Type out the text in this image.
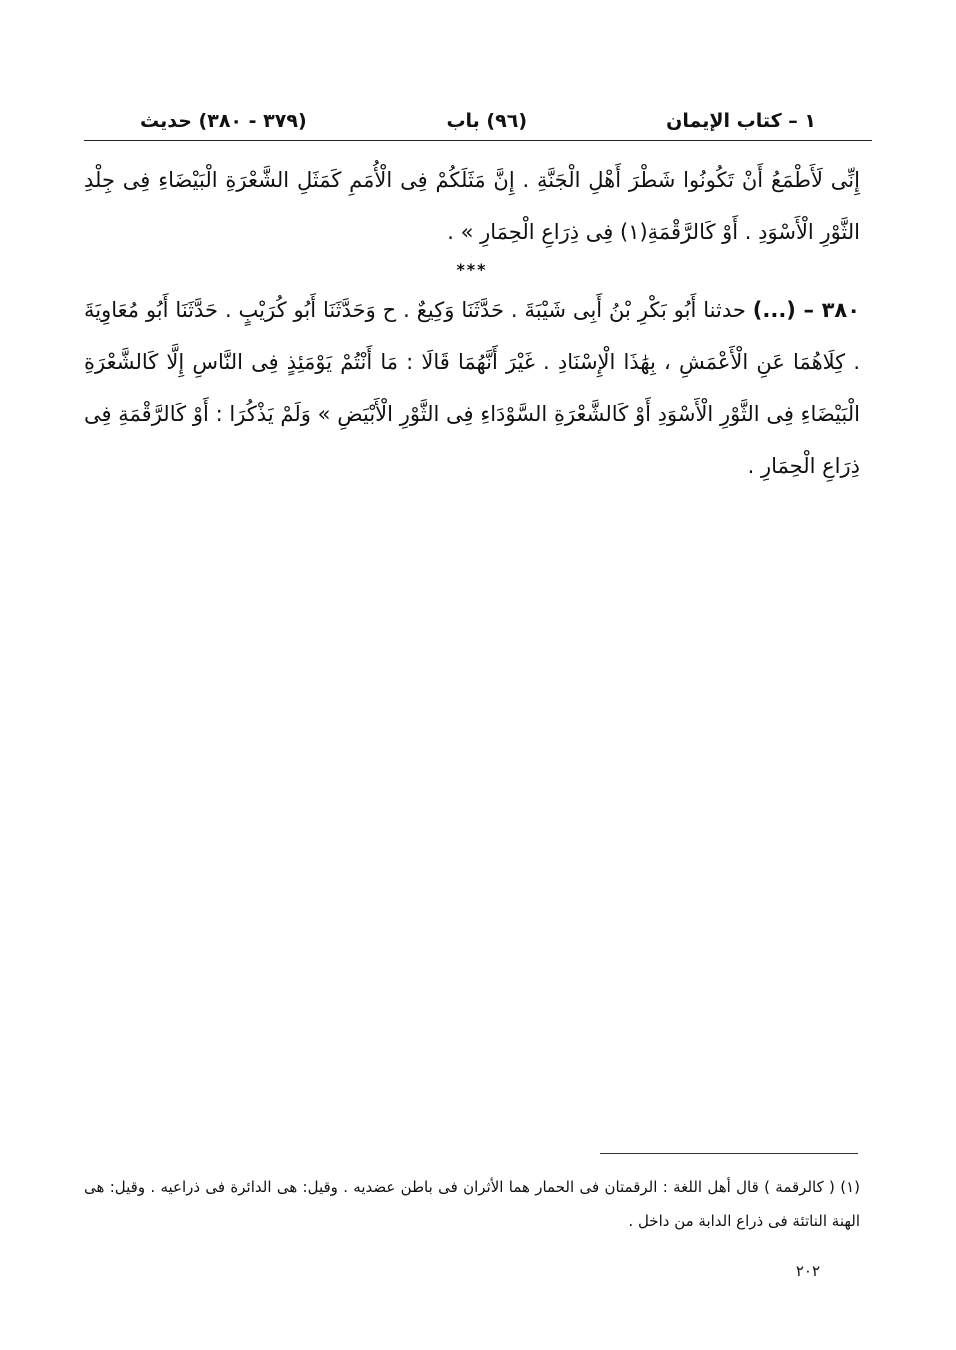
١ – كتاب الإيمان
(٩٦) باب
(٣٧٩ - ٣٨٠) حديث

إِنِّى لَأَطْمَعُ أَنْ تَكُونُوا شَطْرَ أَهْلِ الْجَنَّةِ . إِنَّ مَثَلَكُمْ فِى الْأُمَمِ كَمَثَلِ الشَّعْرَةِ الْبَيْضَاءِ فِى جِلْدِ الثَّوْرِ الْأَسْوَدِ . أَوْ كَالرَّقْمَةِ(١) فِى ذِرَاعِ الْحِمَارِ » .

***

٣٨٠ – (...) حدثنا أَبُو بَكْرِ بْنُ أَبِى شَيْبَةَ . حَدَّثَنَا وَكِيعٌ . ح وَحَدَّثَنَا أَبُو كُرَيْبٍ . حَدَّثَنَا أَبُو مُعَاوِيَةَ . كِلَاهُمَا عَنِ الْأَعْمَشِ ، بِهَٰذَا الْإِسْنَادِ . غَيْرَ أَنَّهُمَا قَالَا : مَا أَنْتُمْ يَوْمَئِذٍ فِى النَّاسِ إِلَّا كَالشَّعْرَةِ الْبَيْضَاءِ فِى الثَّوْرِ الْأَسْوَدِ أَوْ كَالشَّعْرَةِ السَّوْدَاءِ فِى الثَّوْرِ الْأَبْيَضِ » وَلَمْ يَذْكُرَا : أَوْ كَالرَّقْمَةِ فِى ذِرَاعِ الْحِمَارِ .

(١) ( كالرقمة ) قال أهل اللغة : الرقمتان فى الحمار هما الأثران فى باطن عضديه . وقيل: هى الدائرة فى ذراعيه . وقيل: هى الهنة الناتئة فى ذراع الدابة من داخل .

٢٠٢
